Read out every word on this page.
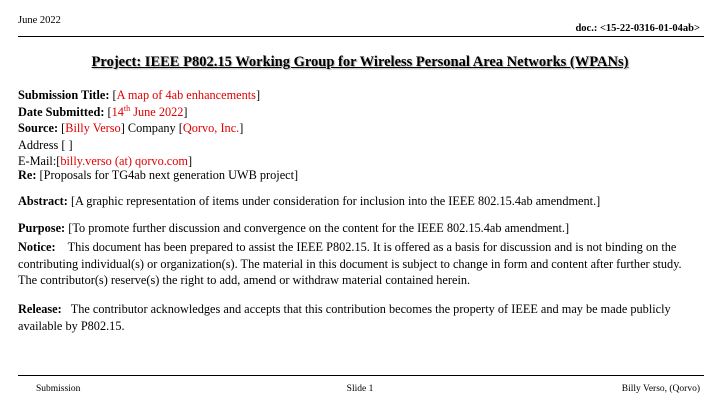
June 2022
doc.: <15-22-0316-01-04ab>
Project: IEEE P802.15 Working Group for Wireless Personal Area Networks (WPANs)
Submission Title: [A map of 4ab enhancements]
Date Submitted: [14th June 2022]
Source: [Billy Verso] Company [Qorvo, Inc.]
Address [ ]
E-Mail:[billy.verso (at) qorvo.com]
Re: [Proposals for TG4ab next generation UWB project]
Abstract: [A graphic representation of items under consideration for inclusion into the IEEE 802.15.4ab amendment.]
Purpose: [To promote further discussion and convergence on the content for the IEEE 802.15.4ab amendment.]
Notice: This document has been prepared to assist the IEEE P802.15. It is offered as a basis for discussion and is not binding on the contributing individual(s) or organization(s). The material in this document is subject to change in form and content after further study. The contributor(s) reserve(s) the right to add, amend or withdraw material contained herein.
Release: The contributor acknowledges and accepts that this contribution becomes the property of IEEE and may be made publicly available by P802.15.
Submission	Slide 1	Billy Verso, (Qorvo)
